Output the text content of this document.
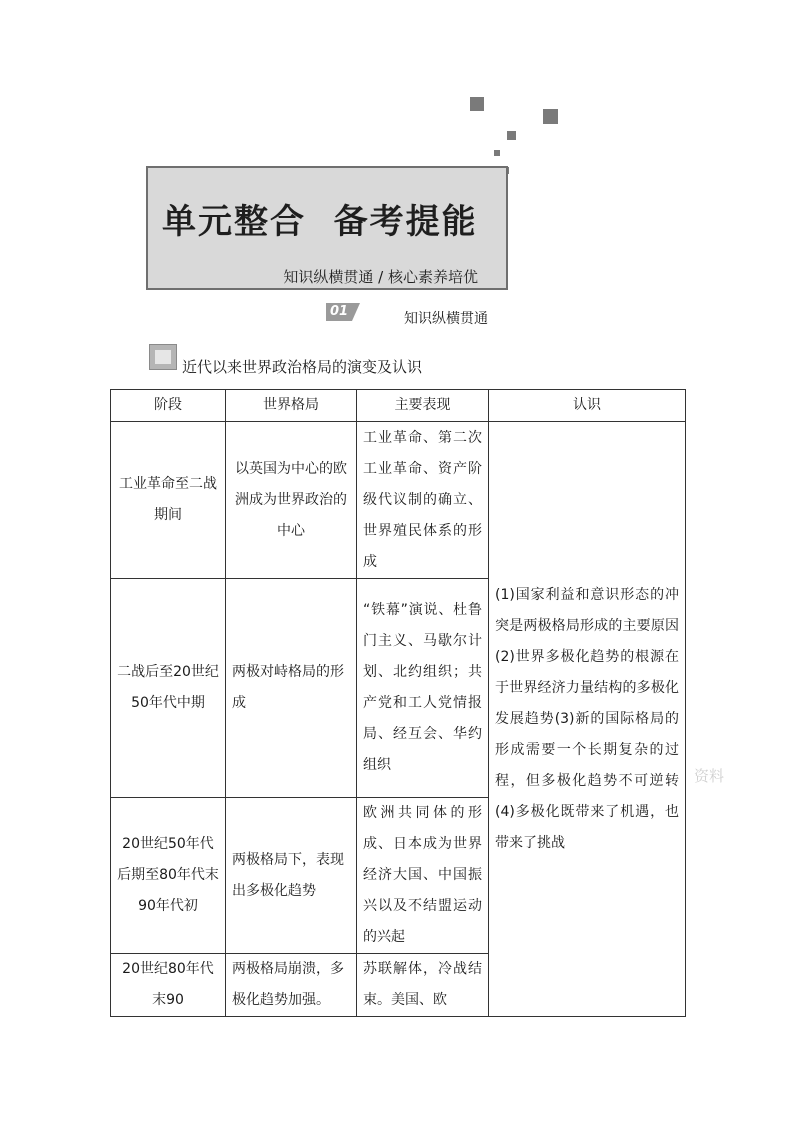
单元整合  备考提能
知识纵横贯通 / 核心素养培优
01	知识纵横贯通
近代以来世界政治格局的演变及认识
资料
阶段	世界格局	主要表现	认识
工业革命至二战期间	以英国为中心的欧洲成为世界政治的中心	工业革命、第二次工业革命、资产阶级代议制的确立、世界殖民体系的形成	(1)国家利益和意识形态的冲突是两极格局形成的主要原因(2)世界多极化趋势的根源在于世界经济力量结构的多极化发展趋势(3)新的国际格局的形成需要一个长期复杂的过程，但多极化趋势不可逆转(4)多极化既带来了机遇，也带来了挑战
二战后至20世纪50年代中期	两极对峙格局的形成	“铁幕”演说、杜鲁门主义、马歇尔计划、北约组织；共产党和工人党情报局、经互会、华约组织	
20世纪50年代后期至80年代末90年代初	两极格局下，表现出多极化趋势	欧洲共同体的形成、日本成为世界经济大国、中国振兴以及不结盟运动的兴起	
20世纪80年代末90	两极格局崩溃，多极化趋势加强。	苏联解体，冷战结束。美国、欧	
